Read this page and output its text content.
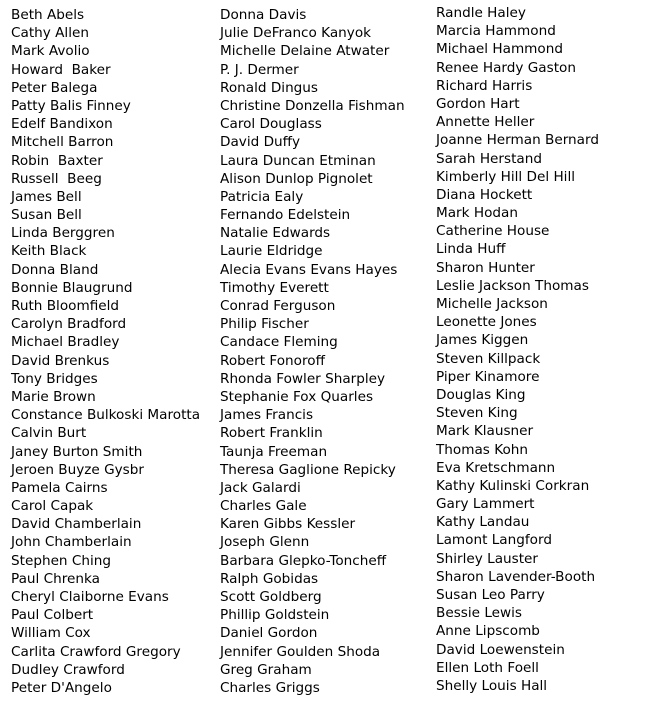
Beth Abels
Cathy Allen
Mark Avolio
Howard  Baker
Peter Balega
Patty Balis Finney
Edelf Bandixon
Mitchell Barron
Robin  Baxter
Russell  Beeg
James Bell
Susan Bell
Linda Berggren
Keith Black
Donna Bland
Bonnie Blaugrund
Ruth Bloomfield
Carolyn Bradford
Michael Bradley
David Brenkus
Tony Bridges
Marie Brown
Constance Bulkoski Marotta
Calvin Burt
Janey Burton Smith
Jeroen Buyze Gysbr
Pamela Cairns
Carol Capak
David Chamberlain
John Chamberlain
Stephen Ching
Paul Chrenka
Cheryl Claiborne Evans
Paul Colbert
William Cox
Carlita Crawford Gregory
Dudley Crawford
Peter D'Angelo
Donna Davis
Julie DeFranco Kanyok
Michelle Delaine Atwater
P. J. Dermer
Ronald Dingus
Christine Donzella Fishman
Carol Douglass
David Duffy
Laura Duncan Etminan
Alison Dunlop Pignolet
Patricia Ealy
Fernando Edelstein
Natalie Edwards
Laurie Eldridge
Alecia Evans Evans Hayes
Timothy Everett
Conrad Ferguson
Philip Fischer
Candace Fleming
Robert Fonoroff
Rhonda Fowler Sharpley
Stephanie Fox Quarles
James Francis
Robert Franklin
Taunja Freeman
Theresa Gaglione Repicky
Jack Galardi
Charles Gale
Karen Gibbs Kessler
Joseph Glenn
Barbara Glepko-Toncheff
Ralph Gobidas
Scott Goldberg
Phillip Goldstein
Daniel Gordon
Jennifer Goulden Shoda
Greg Graham
Charles Griggs
Randle Haley
Marcia Hammond
Michael Hammond
Renee Hardy Gaston
Richard Harris
Gordon Hart
Annette Heller
Joanne Herman Bernard
Sarah Herstand
Kimberly Hill Del Hill
Diana Hockett
Mark Hodan
Catherine House
Linda Huff
Sharon Hunter
Leslie Jackson Thomas
Michelle Jackson
Leonette Jones
James Kiggen
Steven Killpack
Piper Kinamore
Douglas King
Steven King
Mark Klausner
Thomas Kohn
Eva Kretschmann
Kathy Kulinski Corkran
Gary Lammert
Kathy Landau
Lamont Langford
Shirley Lauster
Sharon Lavender-Booth
Susan Leo Parry
Bessie Lewis
Anne Lipscomb
David Loewenstein
Ellen Loth Foell
Shelly Louis Hall
